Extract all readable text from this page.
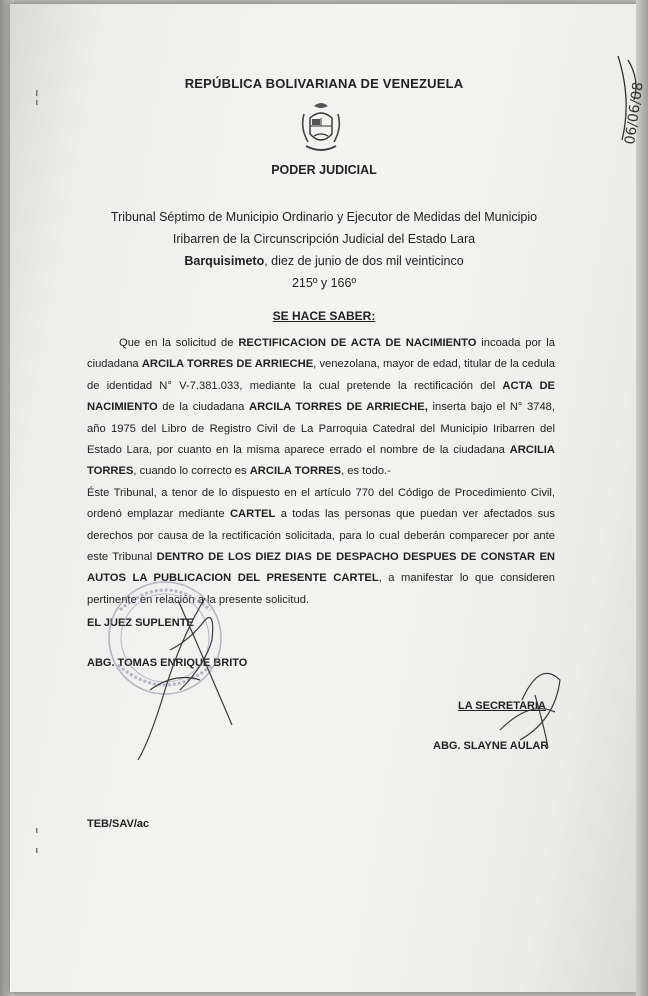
REPÚBLICA BOLIVARIANA DE VENEZUELA
PODER JUDICIAL
Tribunal Séptimo de Municipio Ordinario y Ejecutor de Medidas del Municipio
Iribarren de la Circunscripción Judicial del Estado Lara
Barquisimeto, diez de junio de dos mil veinticinco
215º y 166º
SE HACE SABER:

Que en la solicitud de RECTIFICACION DE ACTA DE NACIMIENTO incoada por la ciudadana ARCILA TORRES DE ARRIECHE, venezolana, mayor de edad, titular de la cedula de identidad N° V-7.381.033, mediante la cual pretende la rectificación del ACTA DE NACIMIENTO de la ciudadana ARCILA TORRES DE ARRIECHE, inserta bajo el N° 3748, año 1975 del Libro de Registro Civil de La Parroquia Catedral del Municipio Iribarren del Estado Lara, por cuanto en la misma aparece errado el nombre de la ciudadana ARCILIA TORRES, cuando lo correcto es ARCILA TORRES, es todo.-

Éste Tribunal, a tenor de lo dispuesto en el artículo 770 del Código de Procedimiento Civil, ordenó emplazar mediante CARTEL a todas las personas que puedan ver afectados sus derechos por causa de la rectificación solicitada, para lo cual deberán comparecer por ante este Tribunal DENTRO DE LOS DIEZ DIAS DE DESPACHO DESPUES DE CONSTAR EN AUTOS LA PUBLICACION DEL PRESENTE CARTEL, a manifestar lo que consideren pertinente en relación a la presente solicitud.

EL JUEZ SUPLENTE
ABG. TOMAS ENRIQUE BRITO
LA SECRETARIA
ABG. SLAYNE AULAR
TEB/SAV/ac
06/06/08
